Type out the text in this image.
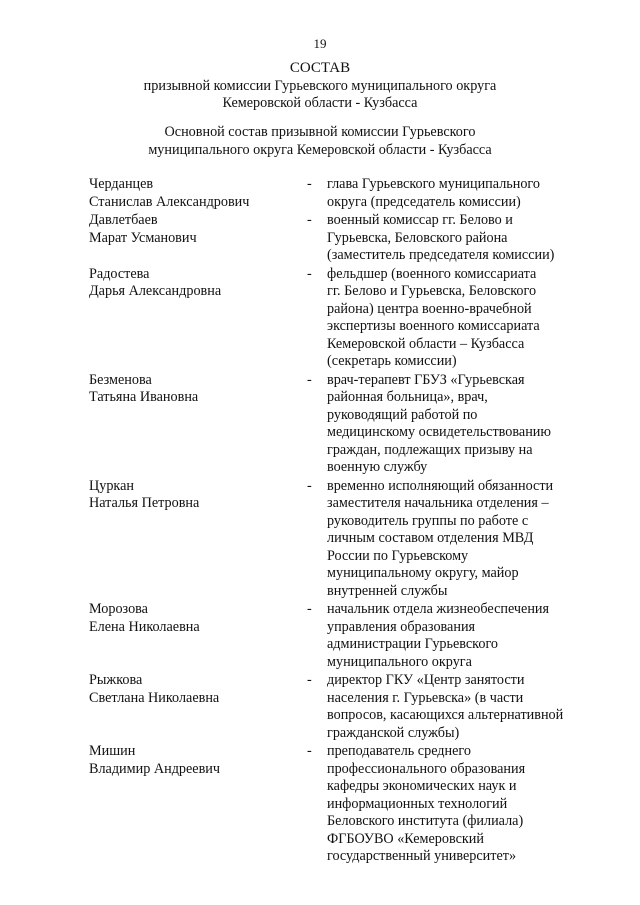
19
СОСТАВ
призывной комиссии Гурьевского муниципального округа
Кемеровской области - Кузбасса
Основной состав призывной комиссии Гурьевского
муниципального округа Кемеровской области - Кузбасса
Черданцев
Станислав Александрович
-	глава Гурьевского муниципального
округа (председатель комиссии)
Давлетбаев
Марат Усманович
-	военный комиссар гг. Белово и
Гурьевска, Беловского района
(заместитель председателя комиссии)
Радостева
Дарья Александровна
-	фельдшер (военного комиссариата
гг. Белово и Гурьевска, Беловского
района) центра военно-врачебной
экспертизы военного комиссариата
Кемеровской области – Кузбасса
(секретарь комиссии)
Безменова
Татьяна Ивановна
-	врач-терапевт ГБУЗ «Гурьевская
районная больница», врач,
руководящий работой по
медицинскому освидетельствованию
граждан, подлежащих призыву на
военную службу
Цуркан
Наталья Петровна
-	временно исполняющий обязанности
заместителя начальника отделения –
руководитель группы по работе с
личным составом отделения МВД
России по Гурьевскому
муниципальному округу, майор
внутренней службы
Морозова
Елена Николаевна
-	начальник отдела жизнеобеспечения
управления образования
администрации Гурьевского
муниципального округа
Рыжкова
Светлана Николаевна
-	директор ГКУ «Центр занятости
населения г. Гурьевска» (в части
вопросов, касающихся альтернативной
гражданской службы)
Мишин
Владимир Андреевич
-	преподаватель среднего
профессионального образования
кафедры экономических наук и
информационных технологий
Беловского института (филиала)
ФГБОУВО «Кемеровский
государственный университет»
